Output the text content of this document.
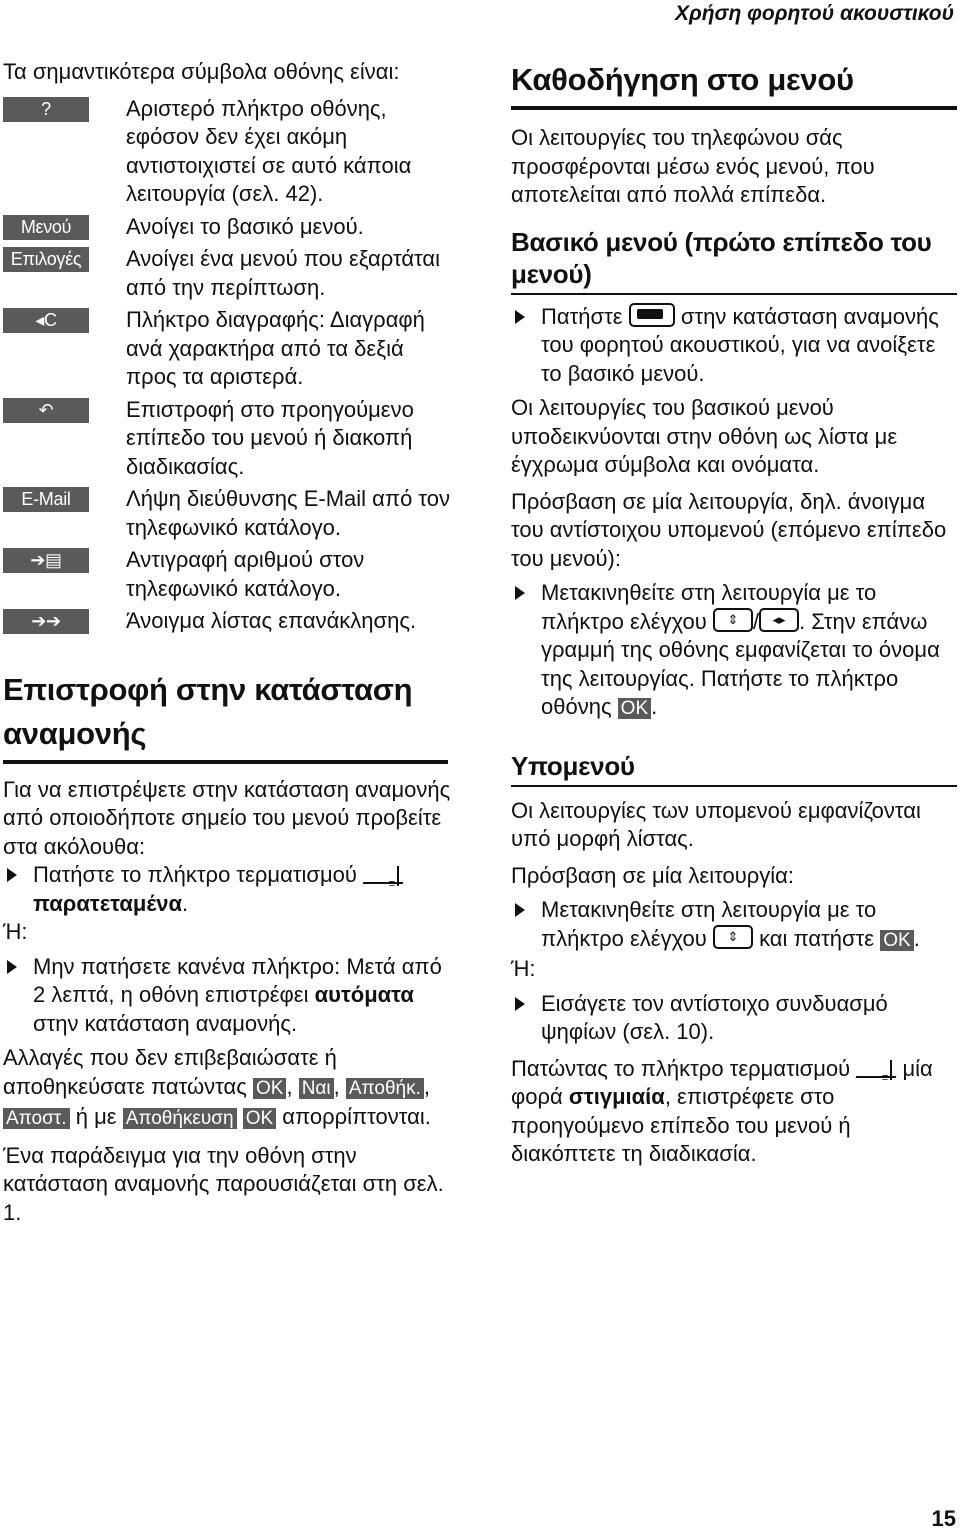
Χρήση φορητού ακουστικού

Τα σημαντικότερα σύμβολα οθόνης είναι:

?	Αριστερό πλήκτρο οθόνης, εφόσον δεν έχει ακόμη αντιστοιχιστεί σε αυτό κάποια λειτουργία (σελ. 42).
Μενού	Ανοίγει το βασικό μενού.
Επιλογές	Ανοίγει ένα μενού που εξαρτάται από την περίπτωση.
◂C	Πλήκτρο διαγραφής: Διαγραφή ανά χαρακτήρα από τα δεξιά προς τα αριστερά.
↶	Επιστροφή στο προηγούμενο επίπεδο του μενού ή διακοπή διαδικασίας.
E-Mail	Λήψη διεύθυνσης E-Mail από τον τηλεφωνικό κατάλογο.
➔▤	Αντιγραφή αριθμού στον τηλεφωνικό κατάλογο.
➔➔	Άνοιγμα λίστας επανάκλησης.
Επιστροφή στην κατάσταση αναμονής

Για να επιστρέψετε στην κατάσταση αναμονής από οποιοδήποτε σημείο του μενού προβείτε στα ακόλουθα:

Πατήστε το πλήκτρο τερματισμού	≡

παρατεταμένα.

Ή:

Μην πατήσετε κανένα πλήκτρο: Μετά από 2 λεπτά, η οθόνη επιστρέφει αυτόματα στην κατάσταση αναμονής.

Αλλαγές που δεν επιβεβαιώσατε ή αποθηκεύσατε πατώντας OK , Ναι , Αποθήκ. , Αποστ. ή με Αποθήκευση OK απορρίπτονται.

Ένα παράδειγμα για την οθόνη στην κατάσταση αναμονής παρουσιάζεται στη σελ. 1.

Καθοδήγηση στο μενού

Οι λειτουργίες του τηλεφώνου σάς προσφέρονται μέσω ενός μενού, που αποτελείται από πολλά επίπεδα.

Βασικό μενού (πρώτο επίπεδο του μενού)
Πατήστε	στην κατάσταση αναμονής του φορητού ακουστικού, για να ανοίξετε το βασικό μενού.

Οι λειτουργίες του βασικού μενού υποδεικνύονται στην οθόνη ως λίστα με έγχρωμα σύμβολα και ονόματα.

Πρόσβαση σε μία λειτουργία, δηλ. άνοιγμα του αντίστοιχου υπομενού (επόμενο επίπεδο του μενού):

Μετακινηθείτε στη λειτουργία με το πλήκτρο ελέγχου	⇕ /	◂▸ . Στην επάνω γραμμή της οθόνης εμφανίζεται το όνομα της λειτουργίας. Πατήστε το πλήκτρο οθόνης OK .
Υπομενού

Οι λειτουργίες των υπομενού εμφανίζονται υπό μορφή λίστας.

Πρόσβαση σε μία λειτουργία:

Μετακινηθείτε στη λειτουργία με το πλήκτρο ελέγχου	⇕ και πατήστε OK .

Ή:

Εισάγετε τον αντίστοιχο συνδυασμό ψηφίων (σελ. 10).

Πατώντας το πλήκτρο τερματισμού	≡ μία φορά στιγμιαία, επιστρέφετε στο προηγούμενο επίπεδο του μενού ή διακόπτετε τη διαδικασία.

15
